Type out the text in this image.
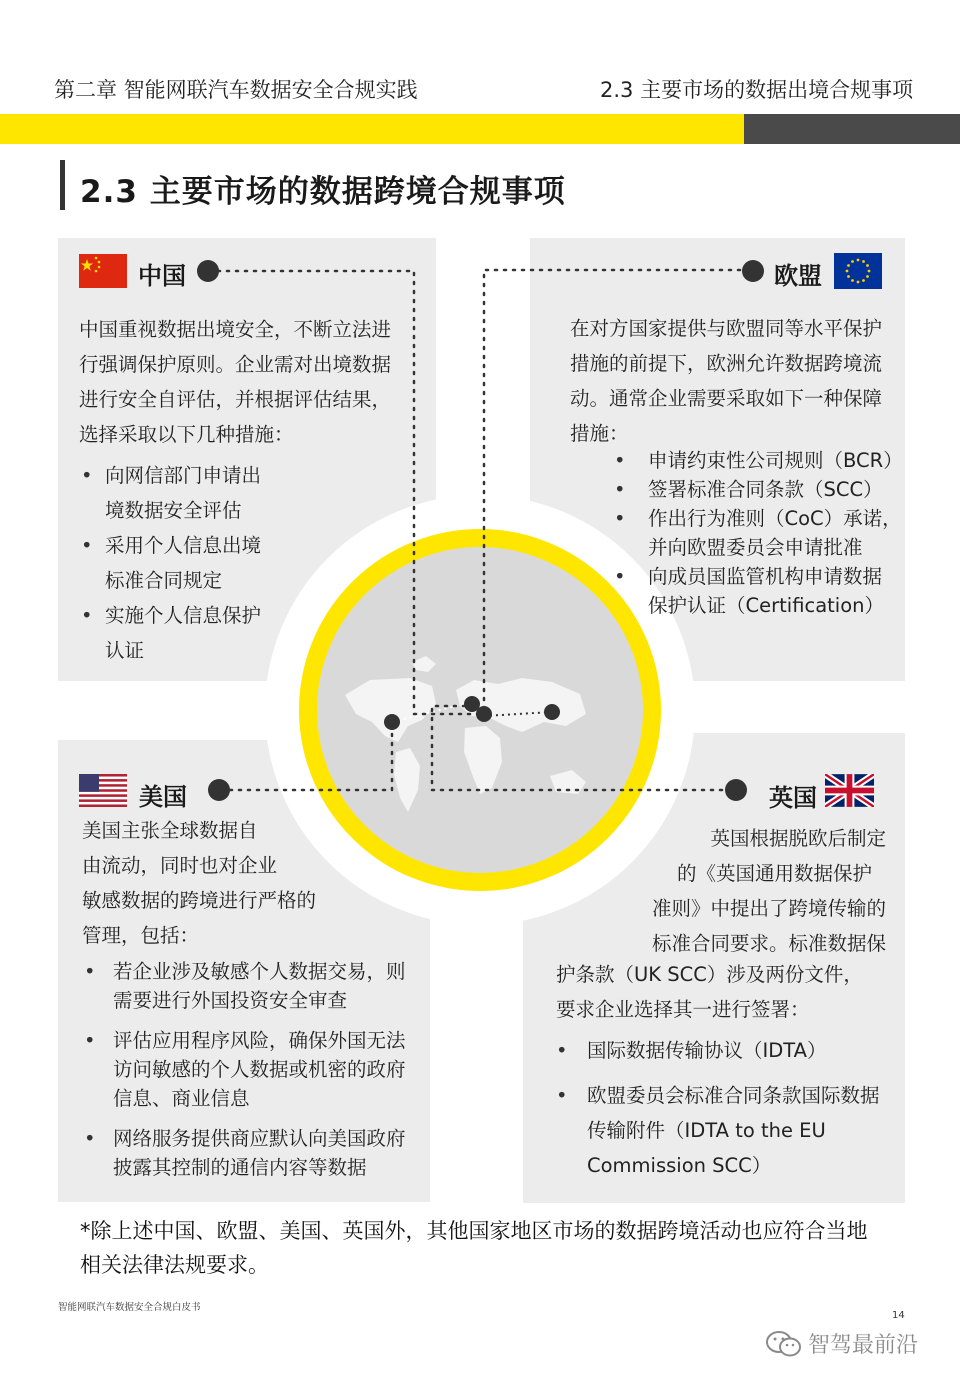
第二章 智能网联汽车数据安全合规实践	2.3 主要市场的数据出境合规事项
2.3 主要市场的数据跨境合规事项
中国
中国重视数据出境安全，不断立法进
行强调保护原则。企业需对出境数据
进行安全自评估，并根据评估结果，
选择采取以下几种措施：
• 向网信部门申请出
境数据安全评估
• 采用个人信息出境
标准合同规定
• 实施个人信息保护
认证
欧盟
在对方国家提供与欧盟同等水平保护
措施的前提下，欧洲允许数据跨境流
动。通常企业需要采取如下一种保障
措施：
• 申请约束性公司规则（BCR）
• 签署标准合同条款（SCC）
• 作出行为准则（CoC）承诺，
并向欧盟委员会申请批准
• 向成员国监管机构申请数据
保护认证（Certification）
美国
美国主张全球数据自
由流动，同时也对企业
敏感数据的跨境进行严格的
管理，包括：
• 若企业涉及敏感个人数据交易，则
需要进行外国投资安全审查
• 评估应用程序风险，确保外国无法
访问敏感的个人数据或机密的政府
信息、商业信息
• 网络服务提供商应默认向美国政府
披露其控制的通信内容等数据
英国
英国根据脱欧后制定
的《英国通用数据保护
准则》中提出了跨境传输的
标准合同要求。标准数据保
护条款（UK SCC）涉及两份文件，
要求企业选择其一进行签署：
• 国际数据传输协议（IDTA）
• 欧盟委员会标准合同条款国际数据
传输附件（IDTA to the EU
Commission SCC）
*除上述中国、欧盟、美国、英国外，其他国家地区市场的数据跨境活动也应符合当地
相关法律法规要求。
智能网联汽车数据安全合规白皮书
14
智驾最前沿
